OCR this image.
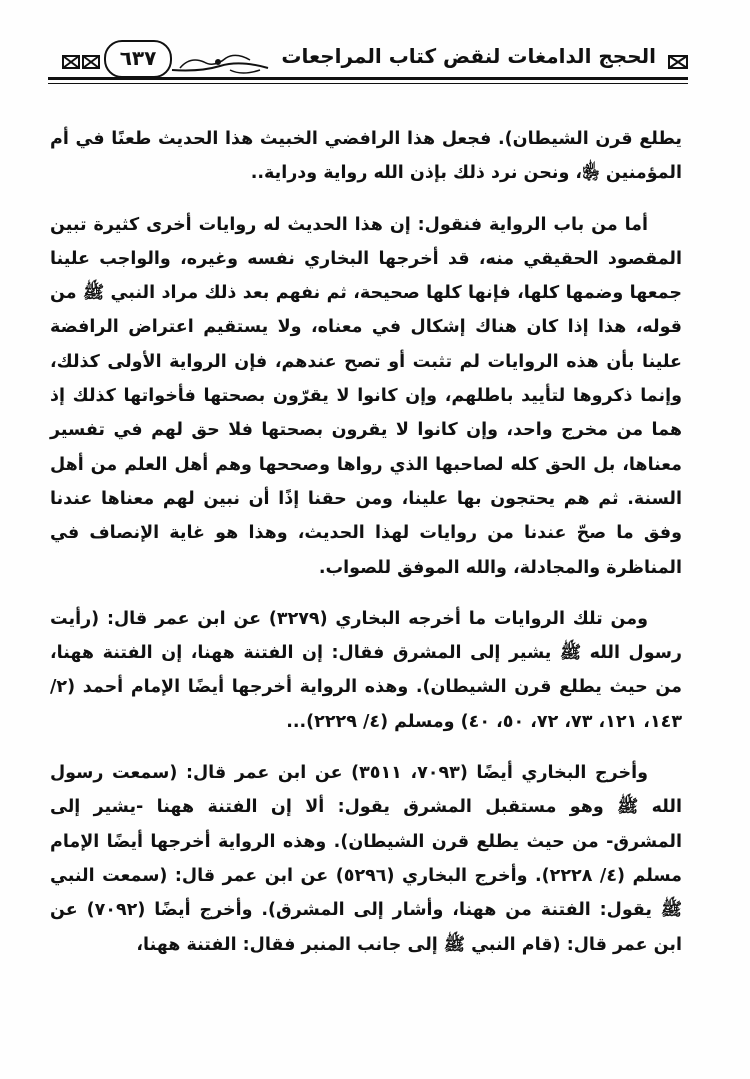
الحجج الدامغات لنقض كتاب المراجعات
٦٣٧

يطلع قرن الشيطان). فجعل هذا الرافضي الخبيث هذا الحديث طعنًا في أم المؤمنين ﵂، ونحن نرد ذلك بإذن الله رواية ودراية..

أما من باب الرواية فنقول: إن هذا الحديث له روايات أخرى كثيرة تبين المقصود الحقيقي منه، قد أخرجها البخاري نفسه وغيره، والواجب علينا جمعها وضمها كلها، فإنها كلها صحيحة، ثم نفهم بعد ذلك مراد النبي ﷺ من قوله، هذا إذا كان هناك إشكال في معناه، ولا يستقيم اعتراض الرافضة علينا بأن هذه الروايات لم تثبت أو تصح عندهم، فإن الرواية الأولى كذلك، وإنما ذكروها لتأييد باطلهم، وإن كانوا لا يقرّون بصحتها فأخواتها كذلك إذ هما من مخرج واحد، وإن كانوا لا يقرون بصحتها فلا حق لهم في تفسير معناها، بل الحق كله لصاحبها الذي رواها وصححها وهم أهل العلم من أهل السنة. ثم هم يحتجون بها علينا، ومن حقنا إذًا أن نبين لهم معناها عندنا وفق ما صحّ عندنا من روايات لهذا الحديث، وهذا هو غاية الإنصاف في المناظرة والمجادلة، والله الموفق للصواب.

ومن تلك الروايات ما أخرجه البخاري (٣٢٧٩) عن ابن عمر قال: (رأيت رسول الله ﷺ يشير إلى المشرق فقال: إن الفتنة ههنا، إن الفتنة ههنا، من حيث يطلع قرن الشيطان). وهذه الرواية أخرجها أيضًا الإمام أحمد (٢/ ١٤٣، ١٢١، ٧٣، ٧٢، ٥٠، ٤٠) ومسلم (٤/ ٢٢٢٩)...

وأخرج البخاري أيضًا (٧٠٩٣، ٣٥١١) عن ابن عمر قال: (سمعت رسول الله ﷺ وهو مستقبل المشرق يقول: ألا إن الفتنة ههنا -يشير إلى المشرق- من حيث يطلع قرن الشيطان). وهذه الرواية أخرجها أيضًا الإمام مسلم (٤/ ٢٢٢٨). وأخرج البخاري (٥٢٩٦) عن ابن عمر قال: (سمعت النبي ﷺ يقول: الفتنة من ههنا، وأشار إلى المشرق). وأخرج أيضًا (٧٠٩٢) عن ابن عمر قال: (قام النبي ﷺ إلى جانب المنبر فقال: الفتنة ههنا،
